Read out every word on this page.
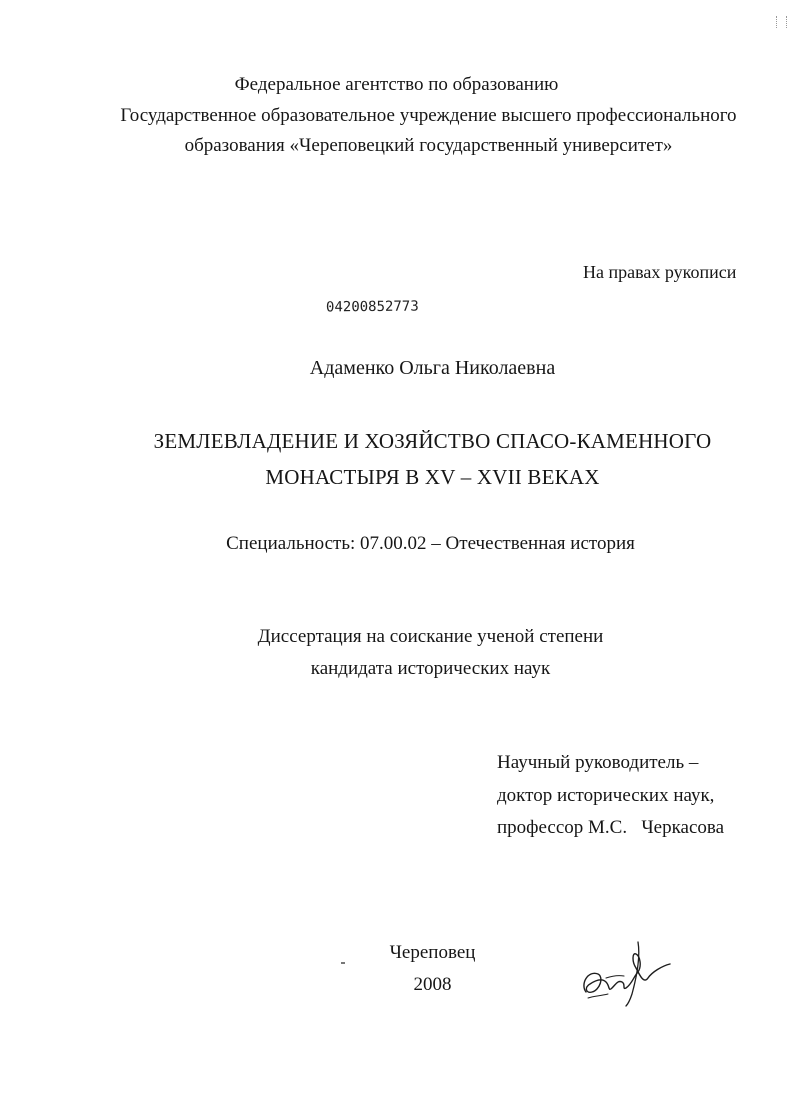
Федеральное агентство по образованию
Государственное образовательное учреждение высшего профессионального
образования «Череповецкий государственный университет»
На правах рукописи
04200852773
Адаменко Ольга Николаевна
ЗЕМЛЕВЛАДЕНИЕ И ХОЗЯЙСТВО СПАСО-КАМЕННОГО
МОНАСТЫРЯ В XV – XVII ВЕКАХ
Специальность: 07.00.02 – Отечественная история
Диссертация на соискание ученой степени
кандидата исторических наук
Научный руководитель –
доктор исторических наук,
профессор М.С.   Черкасова
Череповец
2008
